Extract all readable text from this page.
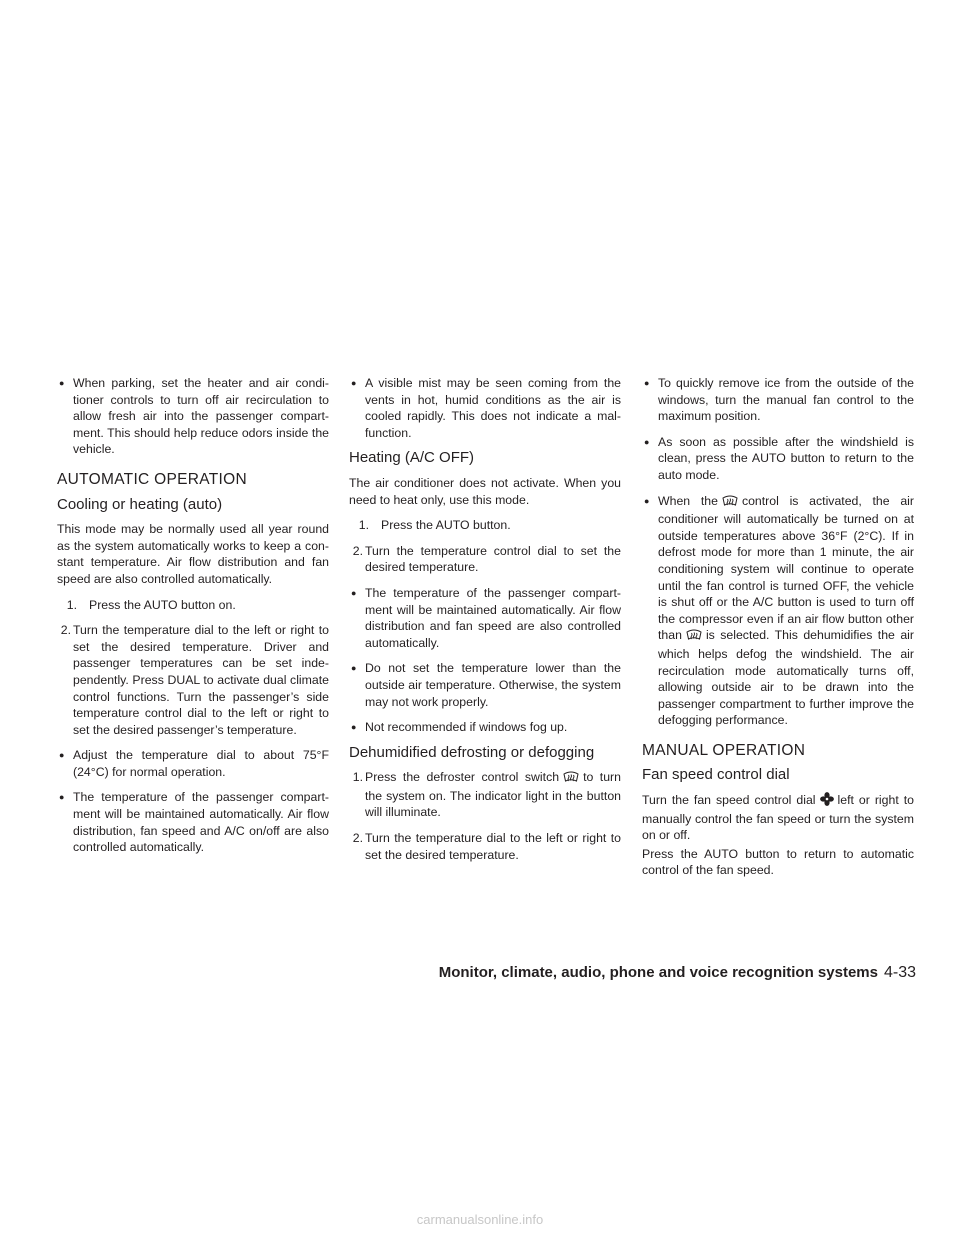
● When parking, set the heater and air conditioner controls to turn off air recirculation to allow fresh air into the passenger compartment. This should help reduce odors inside the vehicle.
AUTOMATIC OPERATION
Cooling or heating (auto)

This mode may be normally used all year round as the system automatically works to keep a constant temperature. Air flow distribution and fan speed are also controlled automatically.

1. Press the AUTO button on.
2. Turn the temperature dial to the left or right to set the desired temperature. Driver and passenger temperatures can be set independently. Press DUAL to activate dual climate control functions. Turn the passenger’s side temperature control dial to the left or right to set the desired passenger’s temperature.
● Adjust the temperature dial to about 75°F (24°C) for normal operation.
● The temperature of the passenger compartment will be maintained automatically. Air flow distribution, fan speed and A/C on/off are also controlled automatically.
● A visible mist may be seen coming from the vents in hot, humid conditions as the air is cooled rapidly. This does not indicate a malfunction.
Heating (A/C OFF)

The air conditioner does not activate. When you need to heat only, use this mode.

1. Press the AUTO button.
2. Turn the temperature control dial to set the desired temperature.
● The temperature of the passenger compartment will be maintained automatically. Air flow distribution and fan speed are also controlled automatically.
● Do not set the temperature lower than the outside air temperature. Otherwise, the system may not work properly.
● Not recommended if windows fog up.
Dehumidified defrosting or defogging
1. Press the defroster control switch to turn the system on. The indicator light in the button will illuminate.
2. Turn the temperature dial to the left or right to set the desired temperature.
● To quickly remove ice from the outside of the windows, turn the manual fan control to the maximum position.
● As soon as possible after the windshield is clean, press the AUTO button to return to the auto mode.
● When the control is activated, the air conditioner will automatically be turned on at outside temperatures above 36°F (2°C). If in defrost mode for more than 1 minute, the air conditioning system will continue to operate until the fan control is turned OFF, the vehicle is shut off or the A/C button is used to turn off the compressor even if an air flow button other than is selected. This dehumidifies the air which helps defog the windshield. The air recirculation mode automatically turns off, allowing outside air to be drawn into the passenger compartment to further improve the defogging performance.
MANUAL OPERATION
Fan speed control dial

Turn the fan speed control dial left or right to manually control the fan speed or turn the system on or off.

Press the AUTO button to return to automatic control of the fan speed.

Monitor, climate, audio, phone and voice recognition systems 4-33
carmanualsonline.info
